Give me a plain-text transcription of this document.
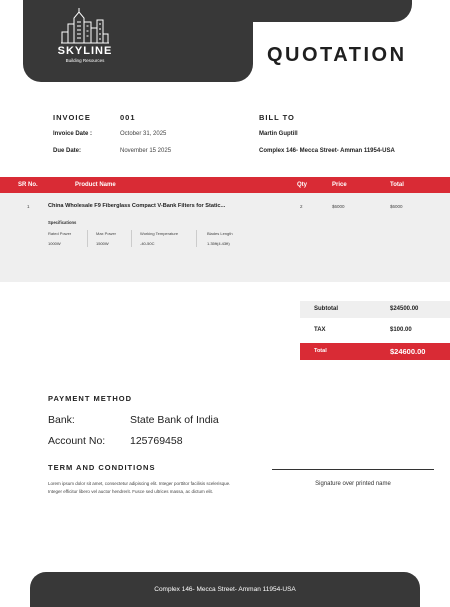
SKYLINE
Building Resources	QUOTATION
INVOICE	001
Invoice Date :	October 31, 2025
Due Date:	November 15 2025
BILL TO
Martin Guptill
Complex 146- Mecca Street- Amman 11954-USA
SR No.	Product Name	Qty	Price	Total
1	China Wholesale F9 Fiberglass Compact V-Bank Filters for Static...	2	$6000	$6000
Specifications
Rated Power
1000W
Max Power
1500W
Working Temperature
-40-50C
Blades Length
1.35ft(4.43ft)
Subtotal	$24500.00
TAX	$100.00
Total	$24600.00
PAYMENT METHOD
Bank:	State Bank of India
Account No: 125769458
TERM AND CONDITIONS
Lorem ipsum dolor sit amet, consectetur adipiscing elit. Integer porttitor facilisis scelerisque.
Integer efficitur libero vel auctor hendrerit. Fusce sed ultrices massa, ac dictum elit.
Signature over printed name
Complex 146- Mecca Street- Amman 11954-USA
